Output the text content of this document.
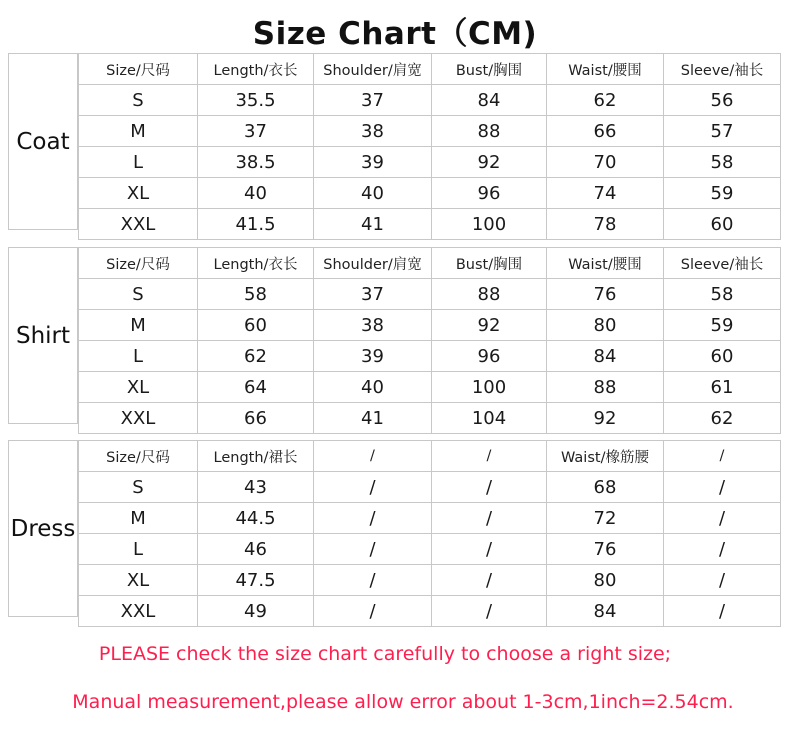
Size Chart（CM)
Coat
Size/尺码	Length/衣长	Shoulder/肩宽	Bust/胸围	Waist/腰围	Sleeve/袖长
S	35.5	37	84	62	56
M	37	38	88	66	57
L	38.5	39	92	70	58
XL	40	40	96	74	59
XXL	41.5	41	100	78	60
Shirt
Size/尺码	Length/衣长	Shoulder/肩宽	Bust/胸围	Waist/腰围	Sleeve/袖长
S	58	37	88	76	58
M	60	38	92	80	59
L	62	39	96	84	60
XL	64	40	100	88	61
XXL	66	41	104	92	62
Dress
Size/尺码	Length/裙长	/	/	Waist/橡筋腰	/
S	43	/	/	68	/
M	44.5	/	/	72	/
L	46	/	/	76	/
XL	47.5	/	/	80	/
XXL	49	/	/	84	/
PLEASE check the size chart carefully to choose a right size;
Manual measurement,please allow error about 1-3cm,1inch=2.54cm.
